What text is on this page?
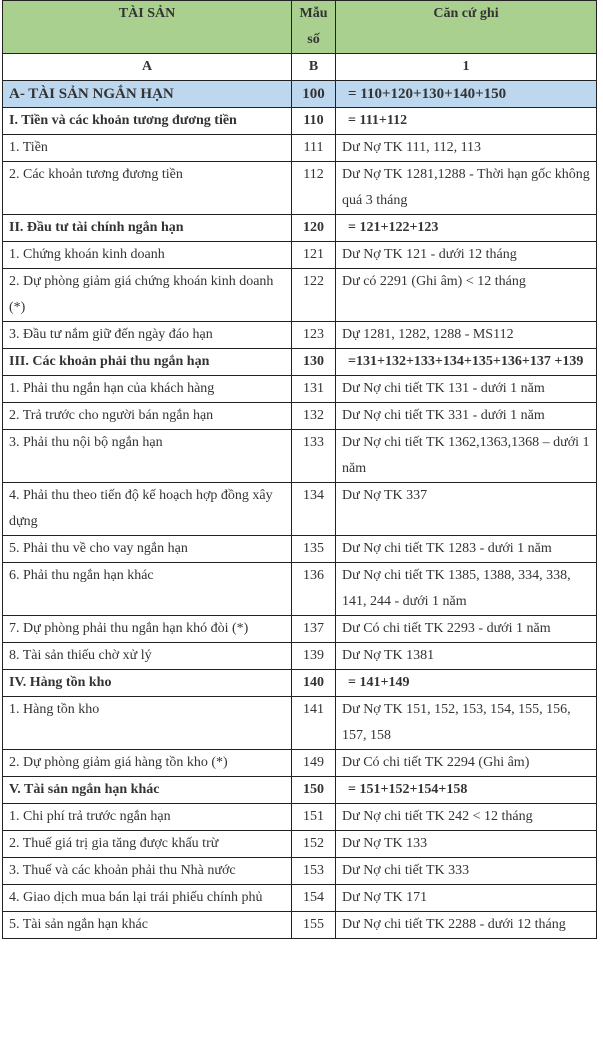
TÀI SẢN	Mẫu số	Căn cứ ghi
A	B	1
A- TÀI SẢN NGẮN HẠN	100	= 110+120+130+140+150
I. Tiền và các khoản tương đương tiền	110	= 111+112
1. Tiền	111	Dư Nợ TK 111, 112, 113
2. Các khoản tương đương tiền	112	Dư Nợ TK 1281,1288 - Thời hạn gốc không quá 3 tháng
II. Đầu tư tài chính ngắn hạn	120	= 121+122+123
1. Chứng khoán kinh doanh	121	Dư Nợ TK 121 - dưới 12 tháng
2. Dự phòng giảm giá chứng khoán kinh doanh (*)	122	Dư có 2291 (Ghi âm) < 12 tháng
3. Đầu tư nắm giữ đến ngày đáo hạn	123	Dự 1281, 1282, 1288 - MS112
III. Các khoản phải thu ngắn hạn	130	=131+132+133+134+135+136+137 +139
1. Phải thu ngắn hạn của khách hàng	131	Dư Nợ chi tiết TK 131 - dưới 1 năm
2. Trả trước cho người bán ngắn hạn	132	Dư Nợ chi tiết TK 331 - dưới 1 năm
3. Phải thu nội bộ ngắn hạn	133	Dư Nợ chi tiết TK 1362,1363,1368 – dưới 1 năm
4. Phải thu theo tiến độ kế hoạch hợp đồng xây dựng	134	Dư Nợ TK 337
5. Phải thu về cho vay ngắn hạn	135	Dư Nợ chi tiết TK 1283 - dưới 1 năm
6. Phải thu ngắn hạn khác	136	Dư Nợ chi tiết TK 1385, 1388, 334, 338, 141, 244 - dưới 1 năm
7. Dự phòng phải thu ngắn hạn khó đòi (*)	137	Dư Có chi tiết TK 2293 - dưới 1 năm
8. Tài sản thiếu chờ xử lý	139	Dư Nợ TK 1381
IV. Hàng tồn kho	140	= 141+149
1. Hàng tồn kho	141	Dư Nợ TK 151, 152, 153, 154, 155, 156, 157, 158
2. Dự phòng giảm giá hàng tồn kho (*)	149	Dư Có chi tiết TK 2294 (Ghi âm)
V. Tài sản ngắn hạn khác	150	= 151+152+154+158
1. Chi phí trả trước ngắn hạn	151	Dư Nợ chi tiết TK 242 < 12 tháng
2. Thuế giá trị gia tăng được khấu trừ	152	Dư Nợ TK 133
3. Thuế và các khoản phải thu Nhà nước	153	Dư Nợ chi tiết TK 333
4. Giao dịch mua bán lại trái phiếu chính phủ	154	Dư Nợ TK 171
5. Tài sản ngắn hạn khác	155	Dư Nợ chi tiết TK 2288 - dưới 12 tháng
